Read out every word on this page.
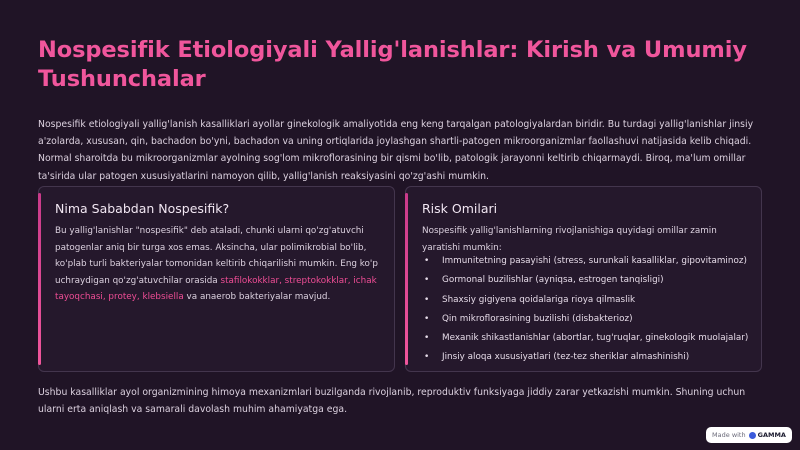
Nospesifik Etiologiyali Yallig'lanishlar: Kirish va Umumiy Tushunchalar

Nospesifik etiologiyali yallig'lanish kasalliklari ayollar ginekologik amaliyotida eng keng tarqalgan patologiyalardan biridir. Bu turdagi yallig'lanishlar jinsiy a'zolarda, xususan, qin, bachadon bo'yni, bachadon va uning ortiqlarida joylashgan shartli-patogen mikroorganizmlar faollashuvi natijasida kelib chiqadi. Normal sharoitda bu mikroorganizmlar ayolning sog'lom mikroflorasining bir qismi bo'lib, patologik jarayonni keltirib chiqarmaydi. Biroq, ma'lum omillar ta'sirida ular patogen xususiyatlarini namoyon qilib, yallig'lanish reaksiyasini qo'zg'ashi mumkin.

Nima Sababdan Nospesifik?

Bu yallig'lanishlar "nospesifik" deb ataladi, chunki ularni qo'zg'atuvchi patogenlar aniq bir turga xos emas. Aksincha, ular polimikrobial bo'lib, ko'plab turli bakteriyalar tomonidan keltirib chiqarilishi mumkin. Eng ko'p uchraydigan qo'zg'atuvchilar orasida stafilokokklar, streptokokklar, ichak tayoqchasi, protey, klebsiella va anaerob bakteriyalar mavjud.

Risk Omilari

Nospesifik yallig'lanishlarning rivojlanishiga quyidagi omillar zamin yaratishi mumkin:

• Immunitetning pasayishi (stress, surunkali kasalliklar, gipovitaminoz)
• Gormonal buzilishlar (ayniqsa, estrogen tanqisligi)
• Shaxsiy gigiyena qoidalariga rioya qilmaslik
• Qin mikroflorasining buzilishi (disbakterioz)
• Mexanik shikastlanishlar (abortlar, tug'ruqlar, ginekologik muolajalar)
• Jinsiy aloqa xususiyatlari (tez-tez sheriklar almashinishi)

Ushbu kasalliklar ayol organizmining himoya mexanizmlari buzilganda rivojlanib, reproduktiv funksiyaga jiddiy zarar yetkazishi mumkin. Shuning uchun ularni erta aniqlash va samarali davolash muhim ahamiyatga ega.

Made with GAMMA
